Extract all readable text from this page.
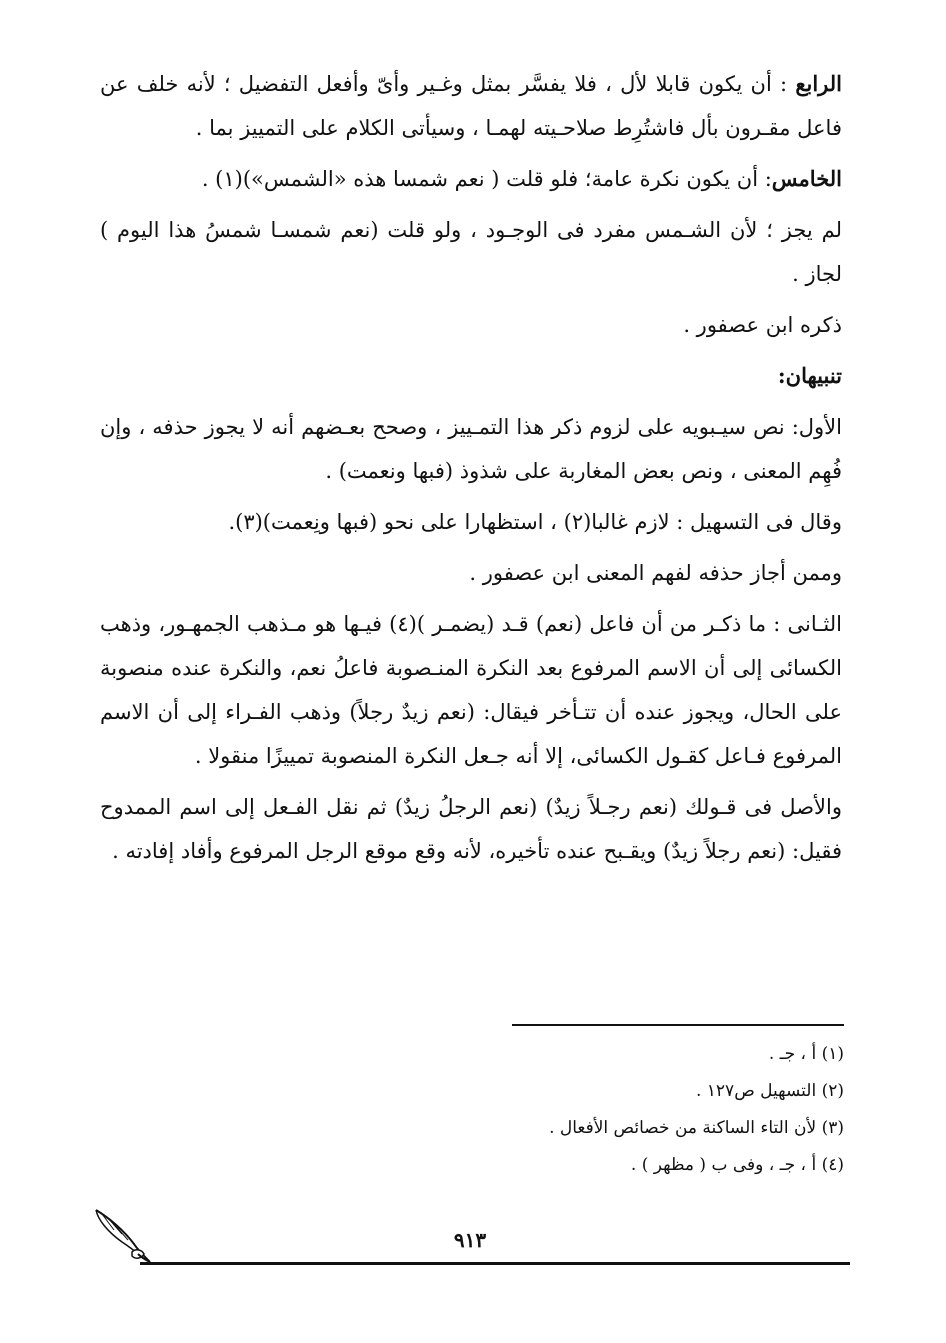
الرابع : أن يكون قابلا لأل ، فلا يفسَّر بمثل وغـير وأىّ وأفعل التفضيل ؛ لأنه خلف عن فاعل مقـرون بأل فاشتُرِط صلاحـيته لهمـا ، وسيأتى الكلام على التمييز بما .

الخامس: أن يكون نكرة عامة؛ فلو قلت ( نعم شمسا هذه «الشمس»)(١) .

لم يجز ؛ لأن الشـمس مفرد فى الوجـود ، ولو قلت (نعم شمسـا شمسُ هذا اليوم ) لجاز .

ذكره ابن عصفور .

تنبيهان:

الأول: نص سيـبويه على لزوم ذكر هذا التمـييز ، وصحح بعـضهم أنه لا يجوز حذفه ، وإن فُهِم المعنى ، ونص بعض المغاربة على شذوذ (فبها ونعمت) .

وقال فى التسهيل : لازم غالبا(٢) ، استظهارا على نحو (فبها ونِعمت)(٣).

وممن أجاز حذفه لفهم المعنى ابن عصفور .

الثـانى : ما ذكـر من أن فاعل (نعم) قـد (يضمـر )(٤) فيـها هو مـذهب الجمهـور، وذهب الكسائى إلى أن الاسم المرفوع بعد النكرة المنـصوبة فاعلُ نعم، والنكرة عنده منصوبة على الحال، ويجوز عنده أن تتـأخر فيقال: (نعم زيدٌ رجلاً) وذهب الفـراء إلى أن الاسم المرفوع فـاعل كقـول الكسائى، إلا أنه جـعل النكرة المنصوبة تمييزًا منقولا .

والأصل فى قـولك (نعم رجـلاً زيدٌ) (نعم الرجلُ زيدٌ) ثم نقل الفـعل إلى اسم الممدوح فقيل: (نعم رجلاً زيدٌ) ويقـبح عنده تأخيره، لأنه وقع موقع الرجل المرفوع وأفاد إفادته .

(١) أ ، جـ .

(٢) التسهيل ص١٢٧ .

(٣) لأن التاء الساكنة من خصائص الأفعال .

(٤) أ ، جـ ، وفى ب ( مظهر ) .

٩١٣
